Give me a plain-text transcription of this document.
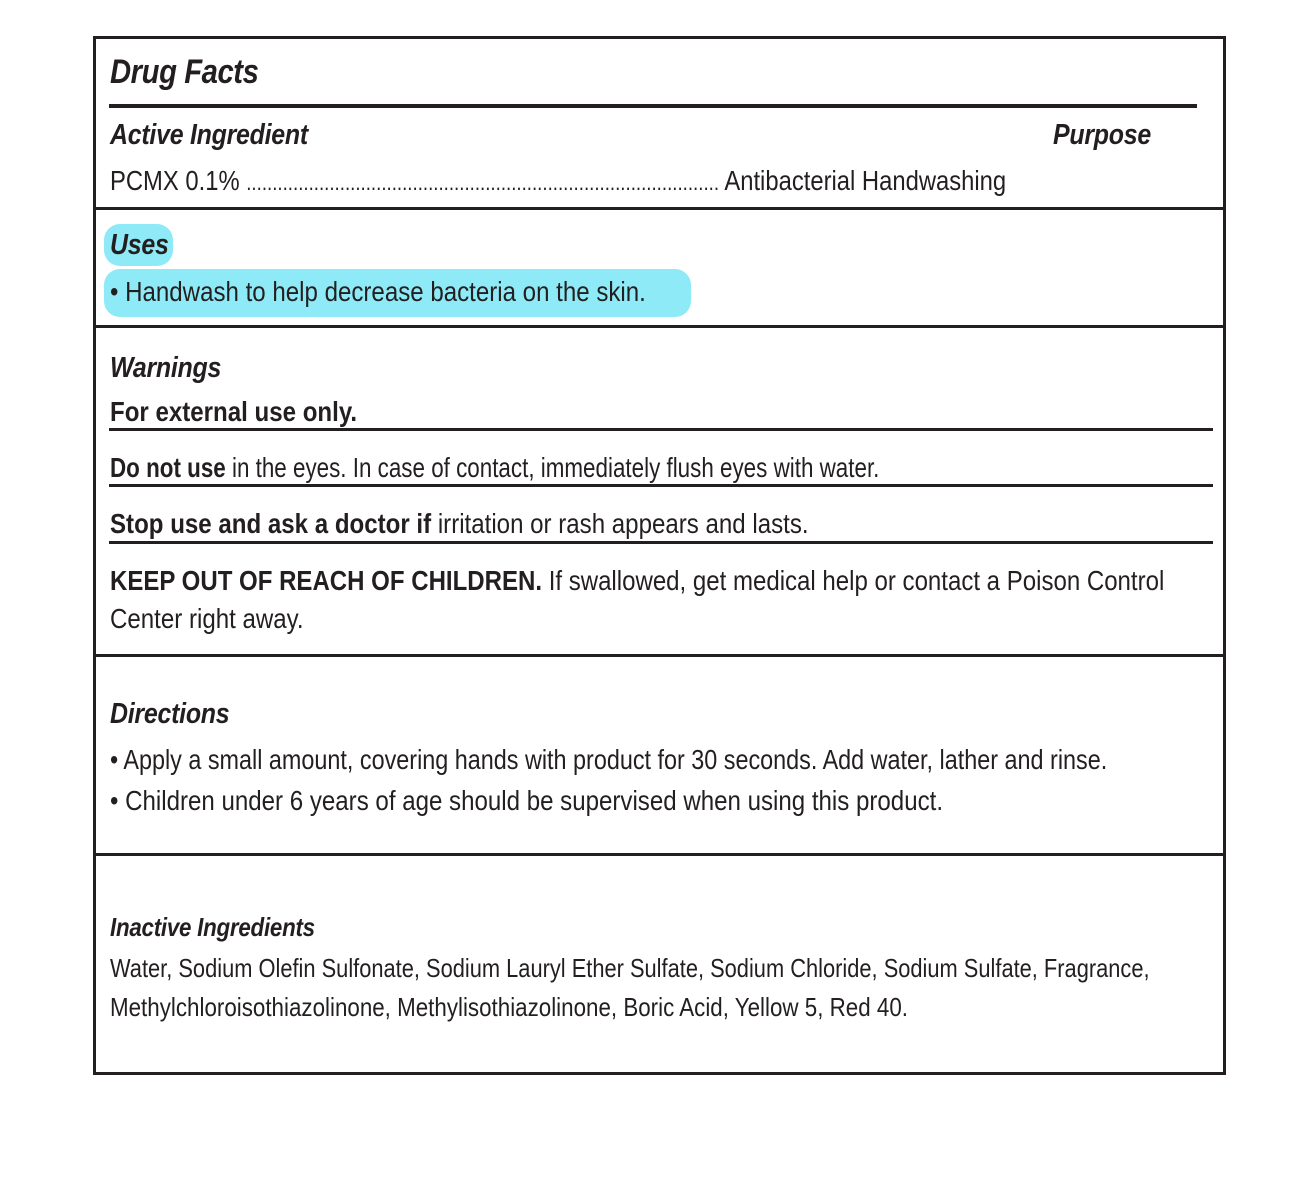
Drug Facts
Active Ingredient	Purpose
PCMX 0.1% ........................................................................................... Antibacterial Handwashing
Uses
• Handwash to help decrease bacteria on the skin.
Warnings
For external use only.
Do not use in the eyes. In case of contact, immediately flush eyes with water.
Stop use and ask a doctor if irritation or rash appears and lasts.
KEEP OUT OF REACH OF CHILDREN. If swallowed, get medical help or contact a Poison Control
Center right away.
Directions
• Apply a small amount, covering hands with product for 30 seconds. Add water, lather and rinse.
• Children under 6 years of age should be supervised when using this product.
Inactive Ingredients
Water, Sodium Olefin Sulfonate, Sodium Lauryl Ether Sulfate, Sodium Chloride, Sodium Sulfate, Fragrance,
Methylchloroisothiazolinone, Methylisothiazolinone, Boric Acid, Yellow 5, Red 40.
